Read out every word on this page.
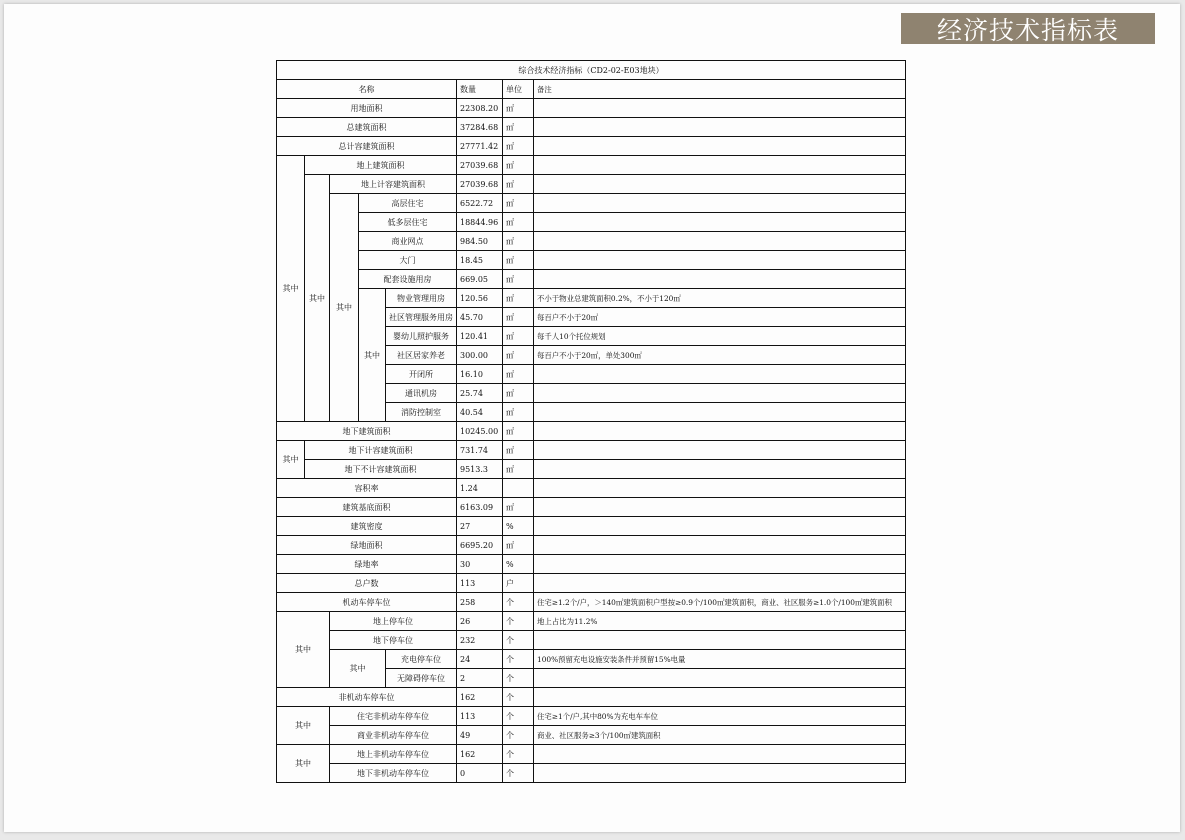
经济技术指标表
综合技术经济指标（CD2-02-E03地块）							
名称					数量	单位	备注
用地面积					22308.20	㎡	
总建筑面积					37284.68	㎡	
总计容建筑面积					27771.42	㎡	
其中	地上建筑面积				27039.68	㎡	
	其中	地上计容建筑面积			27039.68	㎡	
		其中	高层住宅		6522.72	㎡	
			低多层住宅		18844.96	㎡	
			商业网点		984.50	㎡	
			大门		18.45	㎡	
			配套设施用房		669.05	㎡	
			其中	物业管理用房	120.56	㎡	不小于物业总建筑面积0.2%，不小于120㎡
				社区管理服务用房	45.70	㎡	每百户不小于20㎡
				婴幼儿照护服务	120.41	㎡	每千人10个托位规划
				社区居家养老	300.00	㎡	每百户不小于20㎡，单处300㎡
				开闭所	16.10	㎡	
				通讯机房	25.74	㎡	
				消防控制室	40.54	㎡	
地下建筑面积					10245.00	㎡	
其中	地下计容建筑面积				731.74	㎡	
	地下不计容建筑面积				9513.3	㎡	
容积率					1.24		
建筑基底面积					6163.09	㎡	
建筑密度					27	%	
绿地面积					6695.20	㎡	
绿地率					30	%	
总户数					113	户	
机动车停车位					258	个	住宅≥1.2个/户，＞140㎡建筑面积户型按≥0.9个/100㎡建筑面积，商业、社区服务≥1.0个/100㎡建筑面积
其中		地上停车位			26	个	地上占比为11.2%
		地下停车位			232	个	
		其中		充电停车位	24	个	100%预留充电设施安装条件并预留15%电量
				无障碍停车位	2	个	
非机动车停车位					162	个	
其中		住宅非机动车停车位			113	个	住宅≥1个/户,其中80%为充电车车位
		商业非机动车停车位			49	个	商业、社区服务≥3个/100㎡建筑面积
其中		地上非机动车停车位			162	个	
		地下非机动车停车位			0	个	
